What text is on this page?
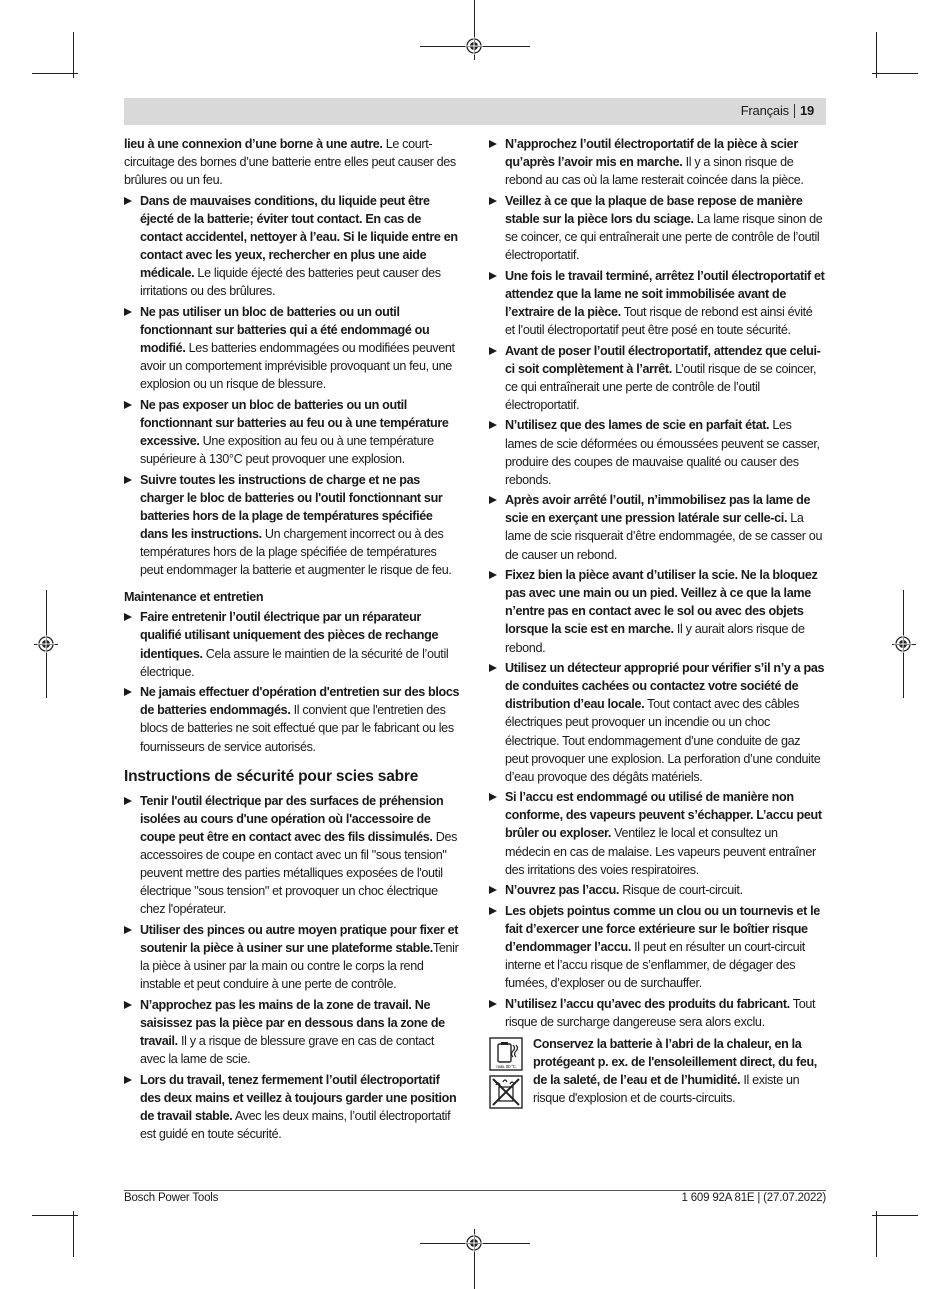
Français 19

lieu à une connexion d’une borne à une autre. Le court-circuitage des bornes d’une batterie entre elles peut causer des brûlures ou un feu.

Dans de mauvaises conditions, du liquide peut être éjecté de la batterie; éviter tout contact. En cas de contact accidentel, nettoyer à l’eau. Si le liquide entre en contact avec les yeux, rechercher en plus une aide médicale. Le liquide éjecté des batteries peut causer des irritations ou des brûlures.
Ne pas utiliser un bloc de batteries ou un outil fonctionnant sur batteries qui a été endommagé ou modifié. Les batteries endommagées ou modifiées peuvent avoir un comportement imprévisible provoquant un feu, une explosion ou un risque de blessure.
Ne pas exposer un bloc de batteries ou un outil fonctionnant sur batteries au feu ou à une température excessive. Une exposition au feu ou à une température supérieure à 130°C peut provoquer une explosion.
Suivre toutes les instructions de charge et ne pas charger le bloc de batteries ou l'outil fonctionnant sur batteries hors de la plage de températures spécifiée dans les instructions. Un chargement incorrect ou à des températures hors de la plage spécifiée de températures peut endommager la batterie et augmenter le risque de feu.
Maintenance et entretien
Faire entretenir l’outil électrique par un réparateur qualifié utilisant uniquement des pièces de rechange identiques. Cela assure le maintien de la sécurité de l’outil électrique.
Ne jamais effectuer d'opération d'entretien sur des blocs de batteries endommagés. Il convient que l'entretien des blocs de batteries ne soit effectué que par le fabricant ou les fournisseurs de service autorisés.
Instructions de sécurité pour scies sabre
Tenir l'outil électrique par des surfaces de préhension isolées au cours d'une opération où l'accessoire de coupe peut être en contact avec des fils dissimulés. Des accessoires de coupe en contact avec un fil "sous tension" peuvent mettre des parties métalliques exposées de l'outil électrique "sous tension" et provoquer un choc électrique chez l'opérateur.
Utiliser des pinces ou autre moyen pratique pour fixer et soutenir la pièce à usiner sur une plateforme stable.Tenir la pièce à usiner par la main ou contre le corps la rend instable et peut conduire à une perte de contrôle.
N’approchez pas les mains de la zone de travail. Ne saisissez pas la pièce par en dessous dans la zone de travail. Il y a risque de blessure grave en cas de contact avec la lame de scie.
Lors du travail, tenez fermement l’outil électroportatif des deux mains et veillez à toujours garder une position de travail stable. Avec les deux mains, l’outil électroportatif est guidé en toute sécurité.
N’approchez l’outil électroportatif de la pièce à scier qu’après l’avoir mis en marche. Il y a sinon risque de rebond au cas où la lame resterait coincée dans la pièce.
Veillez à ce que la plaque de base repose de manière stable sur la pièce lors du sciage. La lame risque sinon de se coincer, ce qui entraînerait une perte de contrôle de l’outil électroportatif.
Une fois le travail terminé, arrêtez l’outil électroportatif et attendez que la lame ne soit immobilisée avant de l’extraire de la pièce. Tout risque de rebond est ainsi évité et l’outil électroportatif peut être posé en toute sécurité.
Avant de poser l’outil électroportatif, attendez que celui-ci soit complètement à l’arrêt. L’outil risque de se coincer, ce qui entraînerait une perte de contrôle de l’outil électroportatif.
N’utilisez que des lames de scie en parfait état. Les lames de scie déformées ou émoussées peuvent se casser, produire des coupes de mauvaise qualité ou causer des rebonds.
Après avoir arrêté l’outil, n’immobilisez pas la lame de scie en exerçant une pression latérale sur celle-ci. La lame de scie risquerait d’être endommagée, de se casser ou de causer un rebond.
Fixez bien la pièce avant d’utiliser la scie. Ne la bloquez pas avec une main ou un pied. Veillez à ce que la lame n’entre pas en contact avec le sol ou avec des objets lorsque la scie est en marche. Il y aurait alors risque de rebond.
Utilisez un détecteur approprié pour vérifier s’il n’y a pas de conduites cachées ou contactez votre société de distribution d’eau locale. Tout contact avec des câbles électriques peut provoquer un incendie ou un choc électrique. Tout endommagement d’une conduite de gaz peut provoquer une explosion. La perforation d’une conduite d’eau provoque des dégâts matériels.
Si l’accu est endommagé ou utilisé de manière non conforme, des vapeurs peuvent s’échapper. L’accu peut brûler ou exploser. Ventilez le local et consultez un médecin en cas de malaise. Les vapeurs peuvent entraîner des irritations des voies respiratoires.
N’ouvrez pas l’accu. Risque de court-circuit.
Les objets pointus comme un clou ou un tournevis et le fait d’exercer une force extérieure sur le boîtier risque d’endommager l’accu. Il peut en résulter un court-circuit interne et l’accu risque de s’enflammer, de dégager des fumées, d’exploser ou de surchauffer.
N’utilisez l’accu qu’avec des produits du fabricant. Tout risque de surcharge dangereuse sera alors exclu.
max. 50 °C

Conservez la batterie à l’abri de la chaleur, en la protégeant p. ex. de l'ensoleillement direct, du feu, de la saleté, de l’eau et de l’humidité. Il existe un risque d'explosion et de courts-circuits.

Bosch Power Tools	1 609 92A 81E | (27.07.2022)
